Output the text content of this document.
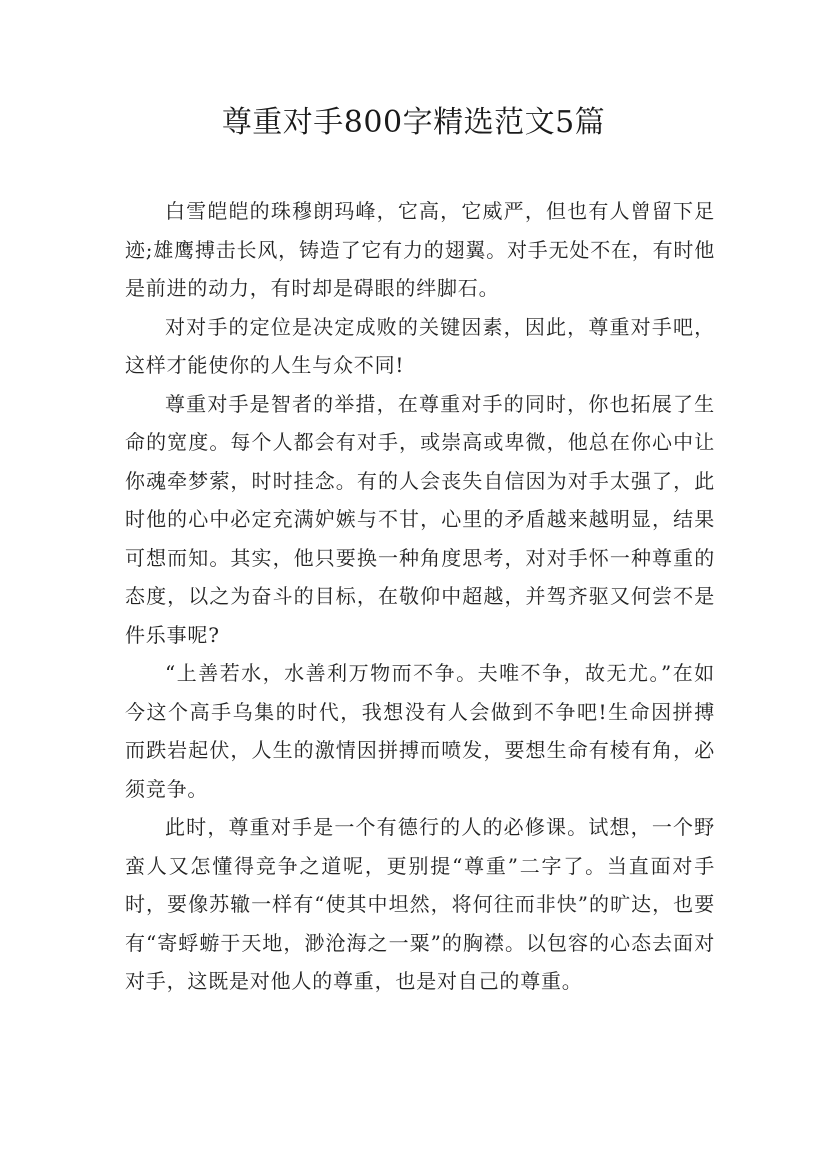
尊重对手800字精选范文5篇

白雪皑皑的珠穆朗玛峰，它高，它威严，但也有人曾留下足迹;雄鹰搏击长风，铸造了它有力的翅翼。对手无处不在，有时他是前进的动力，有时却是碍眼的绊脚石。

对对手的定位是决定成败的关键因素，因此，尊重对手吧，这样才能使你的人生与众不同!

尊重对手是智者的举措，在尊重对手的同时，你也拓展了生命的宽度。每个人都会有对手，或崇高或卑微，他总在你心中让你魂牵梦萦，时时挂念。有的人会丧失自信因为对手太强了，此时他的心中必定充满妒嫉与不甘，心里的矛盾越来越明显，结果可想而知。其实，他只要换一种角度思考，对对手怀一种尊重的态度，以之为奋斗的目标，在敬仰中超越，并驾齐驱又何尝不是件乐事呢?

“上善若水，水善利万物而不争。夫唯不争，故无尤。”在如今这个高手乌集的时代，我想没有人会做到不争吧!生命因拼搏而跌岩起伏，人生的激情因拼搏而喷发，要想生命有棱有角，必须竞争。

此时，尊重对手是一个有德行的人的必修课。试想，一个野蛮人又怎懂得竞争之道呢，更别提“尊重”二字了。当直面对手时，要像苏辙一样有“使其中坦然，将何往而非快”的旷达，也要有“寄蜉蝣于天地，渺沧海之一粟”的胸襟。以包容的心态去面对对手，这既是对他人的尊重，也是对自己的尊重。
